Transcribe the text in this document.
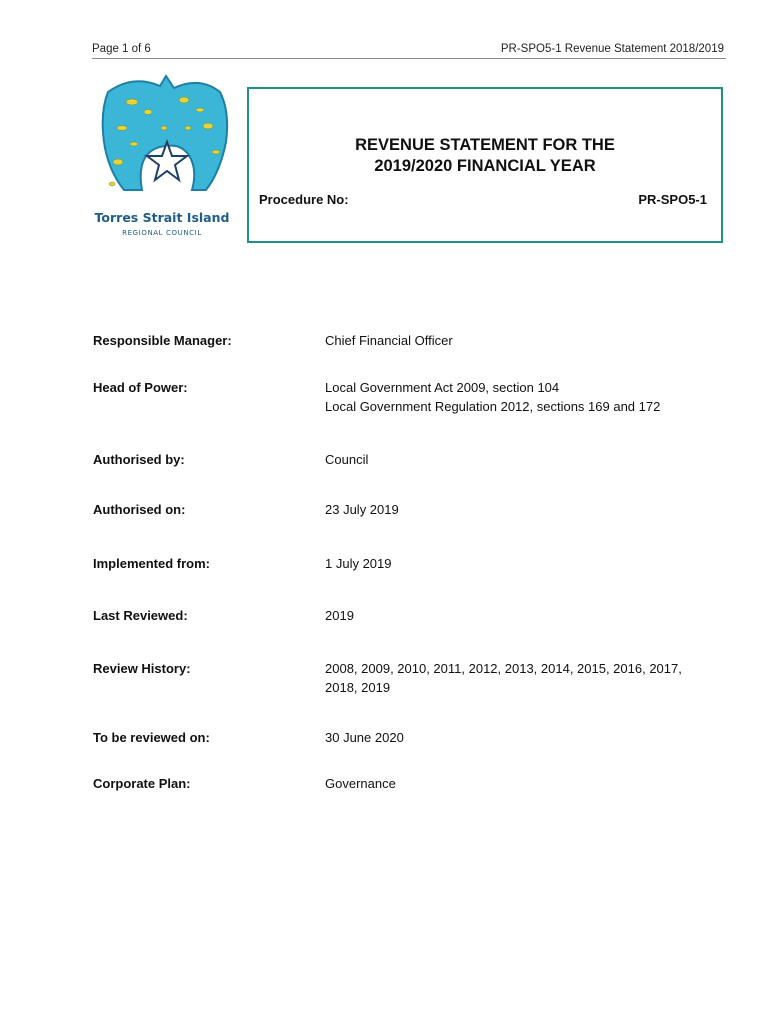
Page 1 of 6	PR-SPO5-1 Revenue Statement 2018/2019
Torres Strait Island
REGIONAL COUNCIL
REVENUE STATEMENT FOR THE
2019/2020 FINANCIAL YEAR
Procedure No:	PR-SPO5-1
Responsible Manager:	Chief Financial Officer
Head of Power:	Local Government Act 2009, section 104
Local Government Regulation 2012, sections 169 and 172
Authorised by:	Council
Authorised on:	23 July 2019
Implemented from:	1 July 2019
Last Reviewed:	2019
Review History:	2008, 2009, 2010, 2011, 2012, 2013, 2014, 2015, 2016, 2017,
2018, 2019
To be reviewed on:	30 June 2020
Corporate Plan:	Governance
